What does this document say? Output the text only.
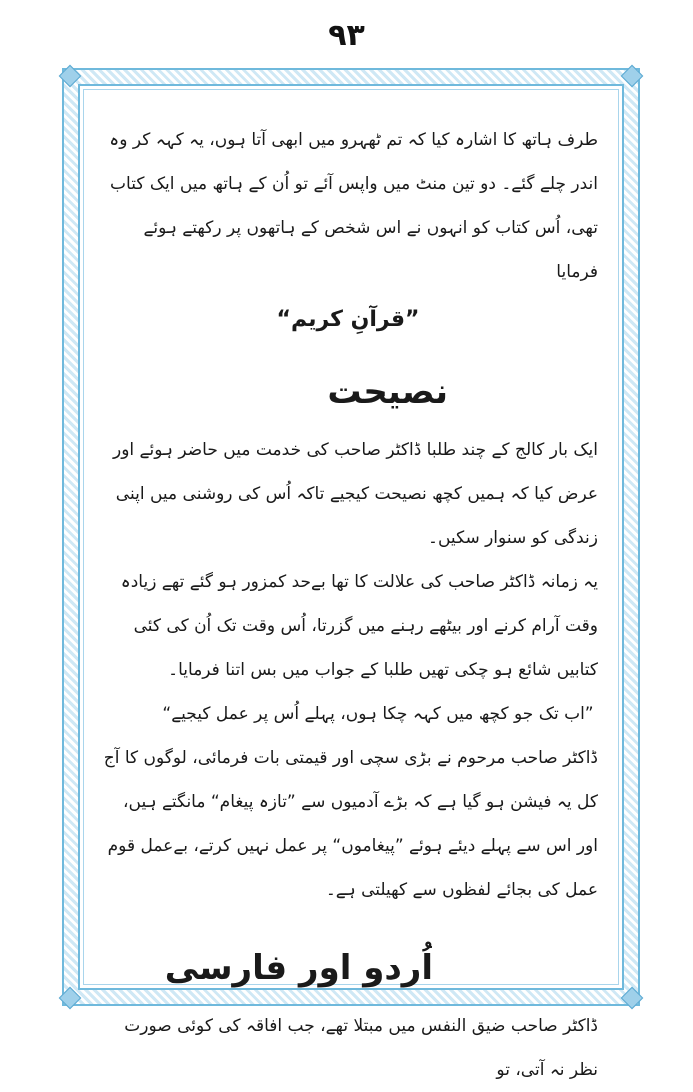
۹۳

طرف ہاتھ کا اشارہ کیا کہ تم ٹھہرو میں ابھی آتا ہوں، یہ کہہ کر وہ اندر چلے گئے۔ دو تین منٹ میں واپس آئے تو اُن کے ہاتھ میں ایک کتاب تھی، اُس کتاب کو انہوں نے اس شخص کے ہاتھوں پر رکھتے ہوئے فرمایا

”قرآنِ کریم“
نصیحت

ایک بار کالج کے چند طلبا ڈاکٹر صاحب کی خدمت میں حاضر ہوئے اور عرض کیا کہ ہمیں کچھ نصیحت کیجیے تاکہ اُس کی روشنی میں اپنی زندگی کو سنوار سکیں۔

یہ زمانہ ڈاکٹر صاحب کی علالت کا تھا بےحد کمزور ہو گئے تھے زیادہ وقت آرام کرنے اور بیٹھے رہنے میں گزرتا، اُس وقت تک اُن کی کئی کتابیں شائع ہو چکی تھیں طلبا کے جواب میں بس اتنا فرمایا۔

”اب تک جو کچھ میں کہہ چکا ہوں، پہلے اُس پر عمل کیجیے“

ڈاکٹر صاحب مرحوم نے بڑی سچی اور قیمتی بات فرمائی، لوگوں کا آج کل یہ فیشن ہو گیا ہے کہ بڑے آدمیوں سے ”تازہ پیغام“ مانگتے ہیں، اور اس سے پہلے دیئے ہوئے ”پیغاموں“ پر عمل نہیں کرتے، بےعمل قوم عمل کی بجائے لفظوں سے کھیلتی ہے۔

اُردو اور فارسی

ڈاکٹر صاحب ضیق النفس میں مبتلا تھے، جب افاقہ کی کوئی صورت نظر نہ آتی، تو
